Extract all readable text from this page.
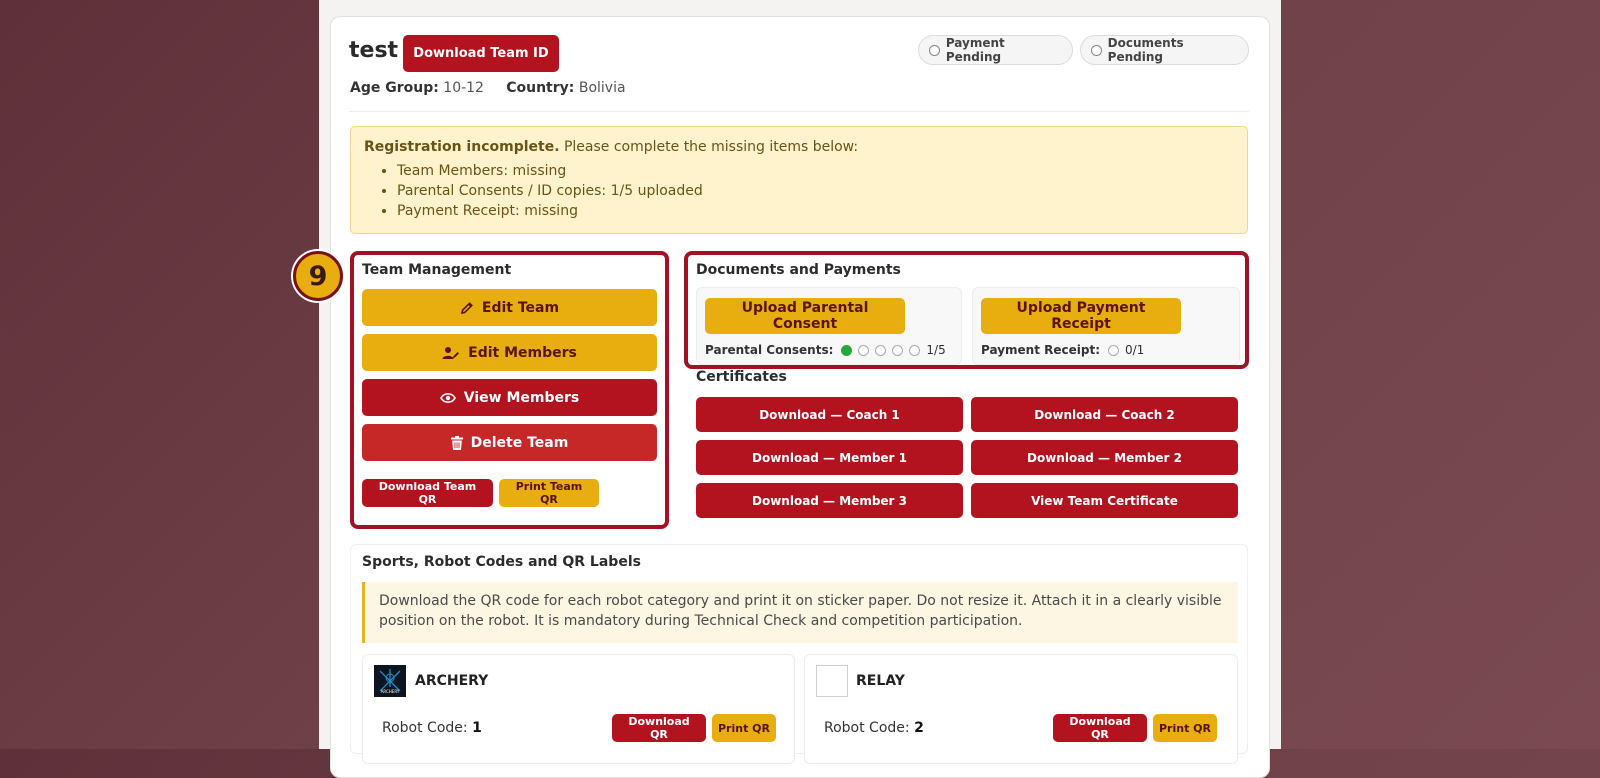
test Download Team ID
Payment Pending
Documents Pending
Age Group: 10-12 Country: Bolivia
Registration incomplete. Please complete the missing items below:
• Team Members: missing
• Parental Consents / ID copies: 1/5 uploaded
• Payment Receipt: missing
9	Team Management
Edit Team
Edit Members
View Members
Delete Team
Download Team QR
Print Team QR
Documents and Payments
Upload Parental Consent
Parental Consents:	1/5
Upload Payment Receipt
Payment Receipt: 0/1
Certificates
Download — Coach 1	Download — Coach 2
Download — Member 1	Download — Member 2
Download — Member 3	View Team Certificate
Sports, Robot Codes and QR Labels
Download the QR code for each robot category and print it on sticker paper. Do not resize it. Attach it in a clearly visible position on the robot. It is mandatory during Technical Check and competition participation.
ARCHERY
ARCHERY
Robot Code: 1	Download QR	Print QR
RELAY
Robot Code: 2	Download QR	Print QR
